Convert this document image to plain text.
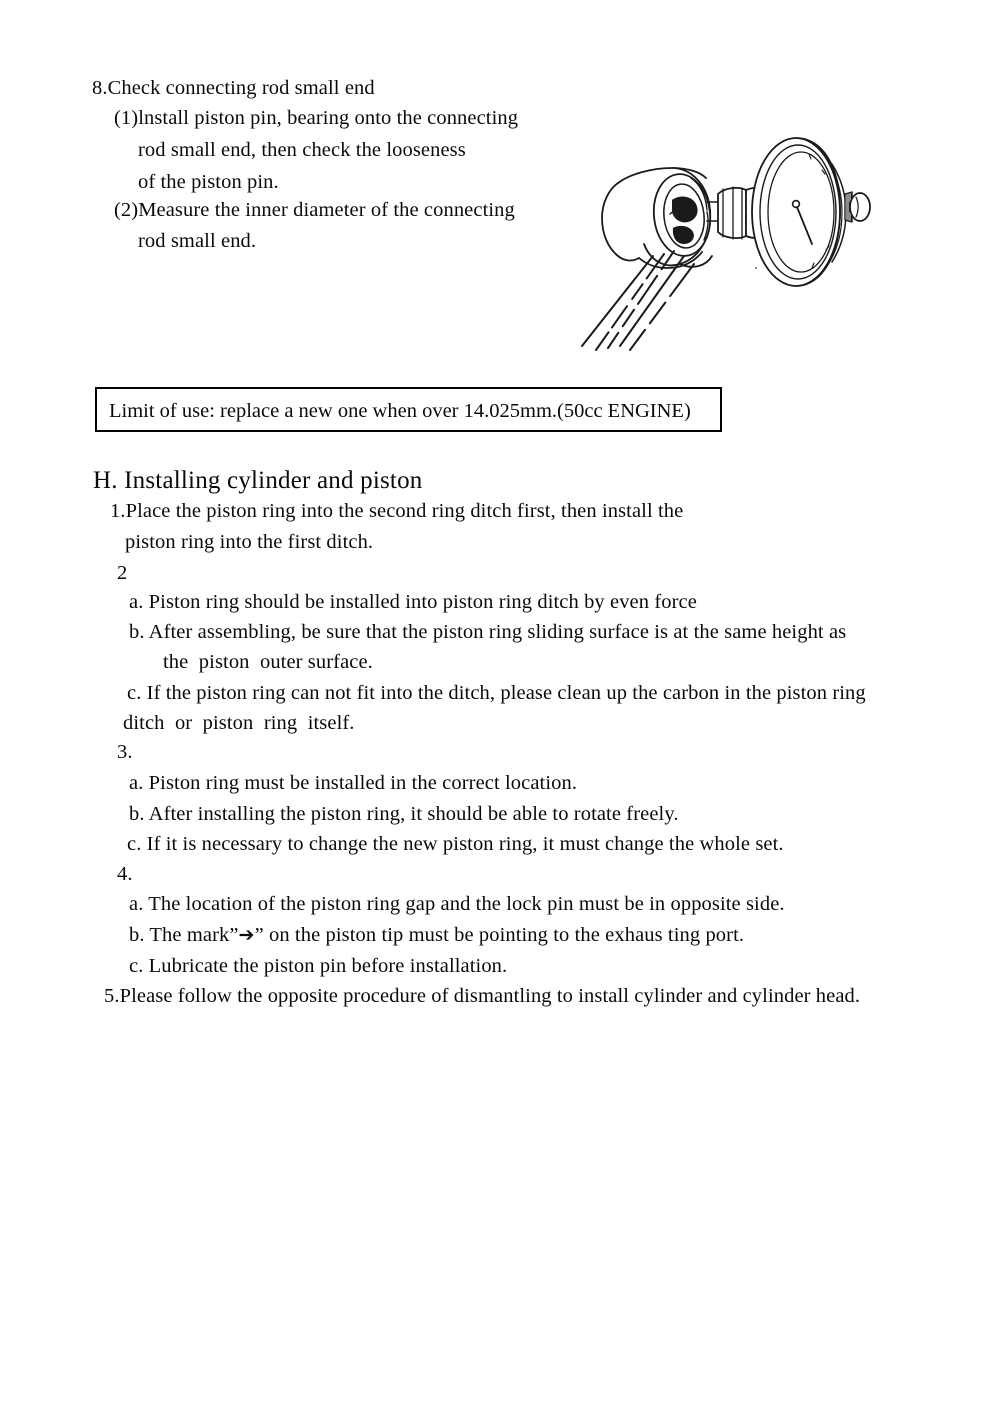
8.Check connecting rod small end
(1)lnstall piston pin, bearing onto the connecting
rod small end, then check the looseness
of the piston pin.
(2)Measure the inner diameter of the connecting
rod small end.
Limit of use: replace a new one when over 14.025mm.(50cc ENGINE)
H. Installing cylinder and piston
1.Place the piston ring into the second ring ditch first, then install the
piston ring into the first ditch.
2
a. Piston ring should be installed into piston ring ditch by even force
b. After assembling, be sure that the piston ring sliding surface is at the same height as
the  piston  outer surface.
c. If the piston ring can not fit into the ditch, please clean up the carbon in the piston ring
ditch  or  piston  ring  itself.
3.
a. Piston ring must be installed in the correct location.
b. After installing the piston ring, it should be able to rotate freely.
c. If it is necessary to change the new piston ring, it must change the whole set.
4.
a. The location of the piston ring gap and the lock pin must be in opposite side.
b. The mark”➔” on the piston tip must be pointing to the exhaus ting port.
c. Lubricate the piston pin before installation.
5.Please follow the opposite procedure of dismantling to install cylinder and cylinder head.
